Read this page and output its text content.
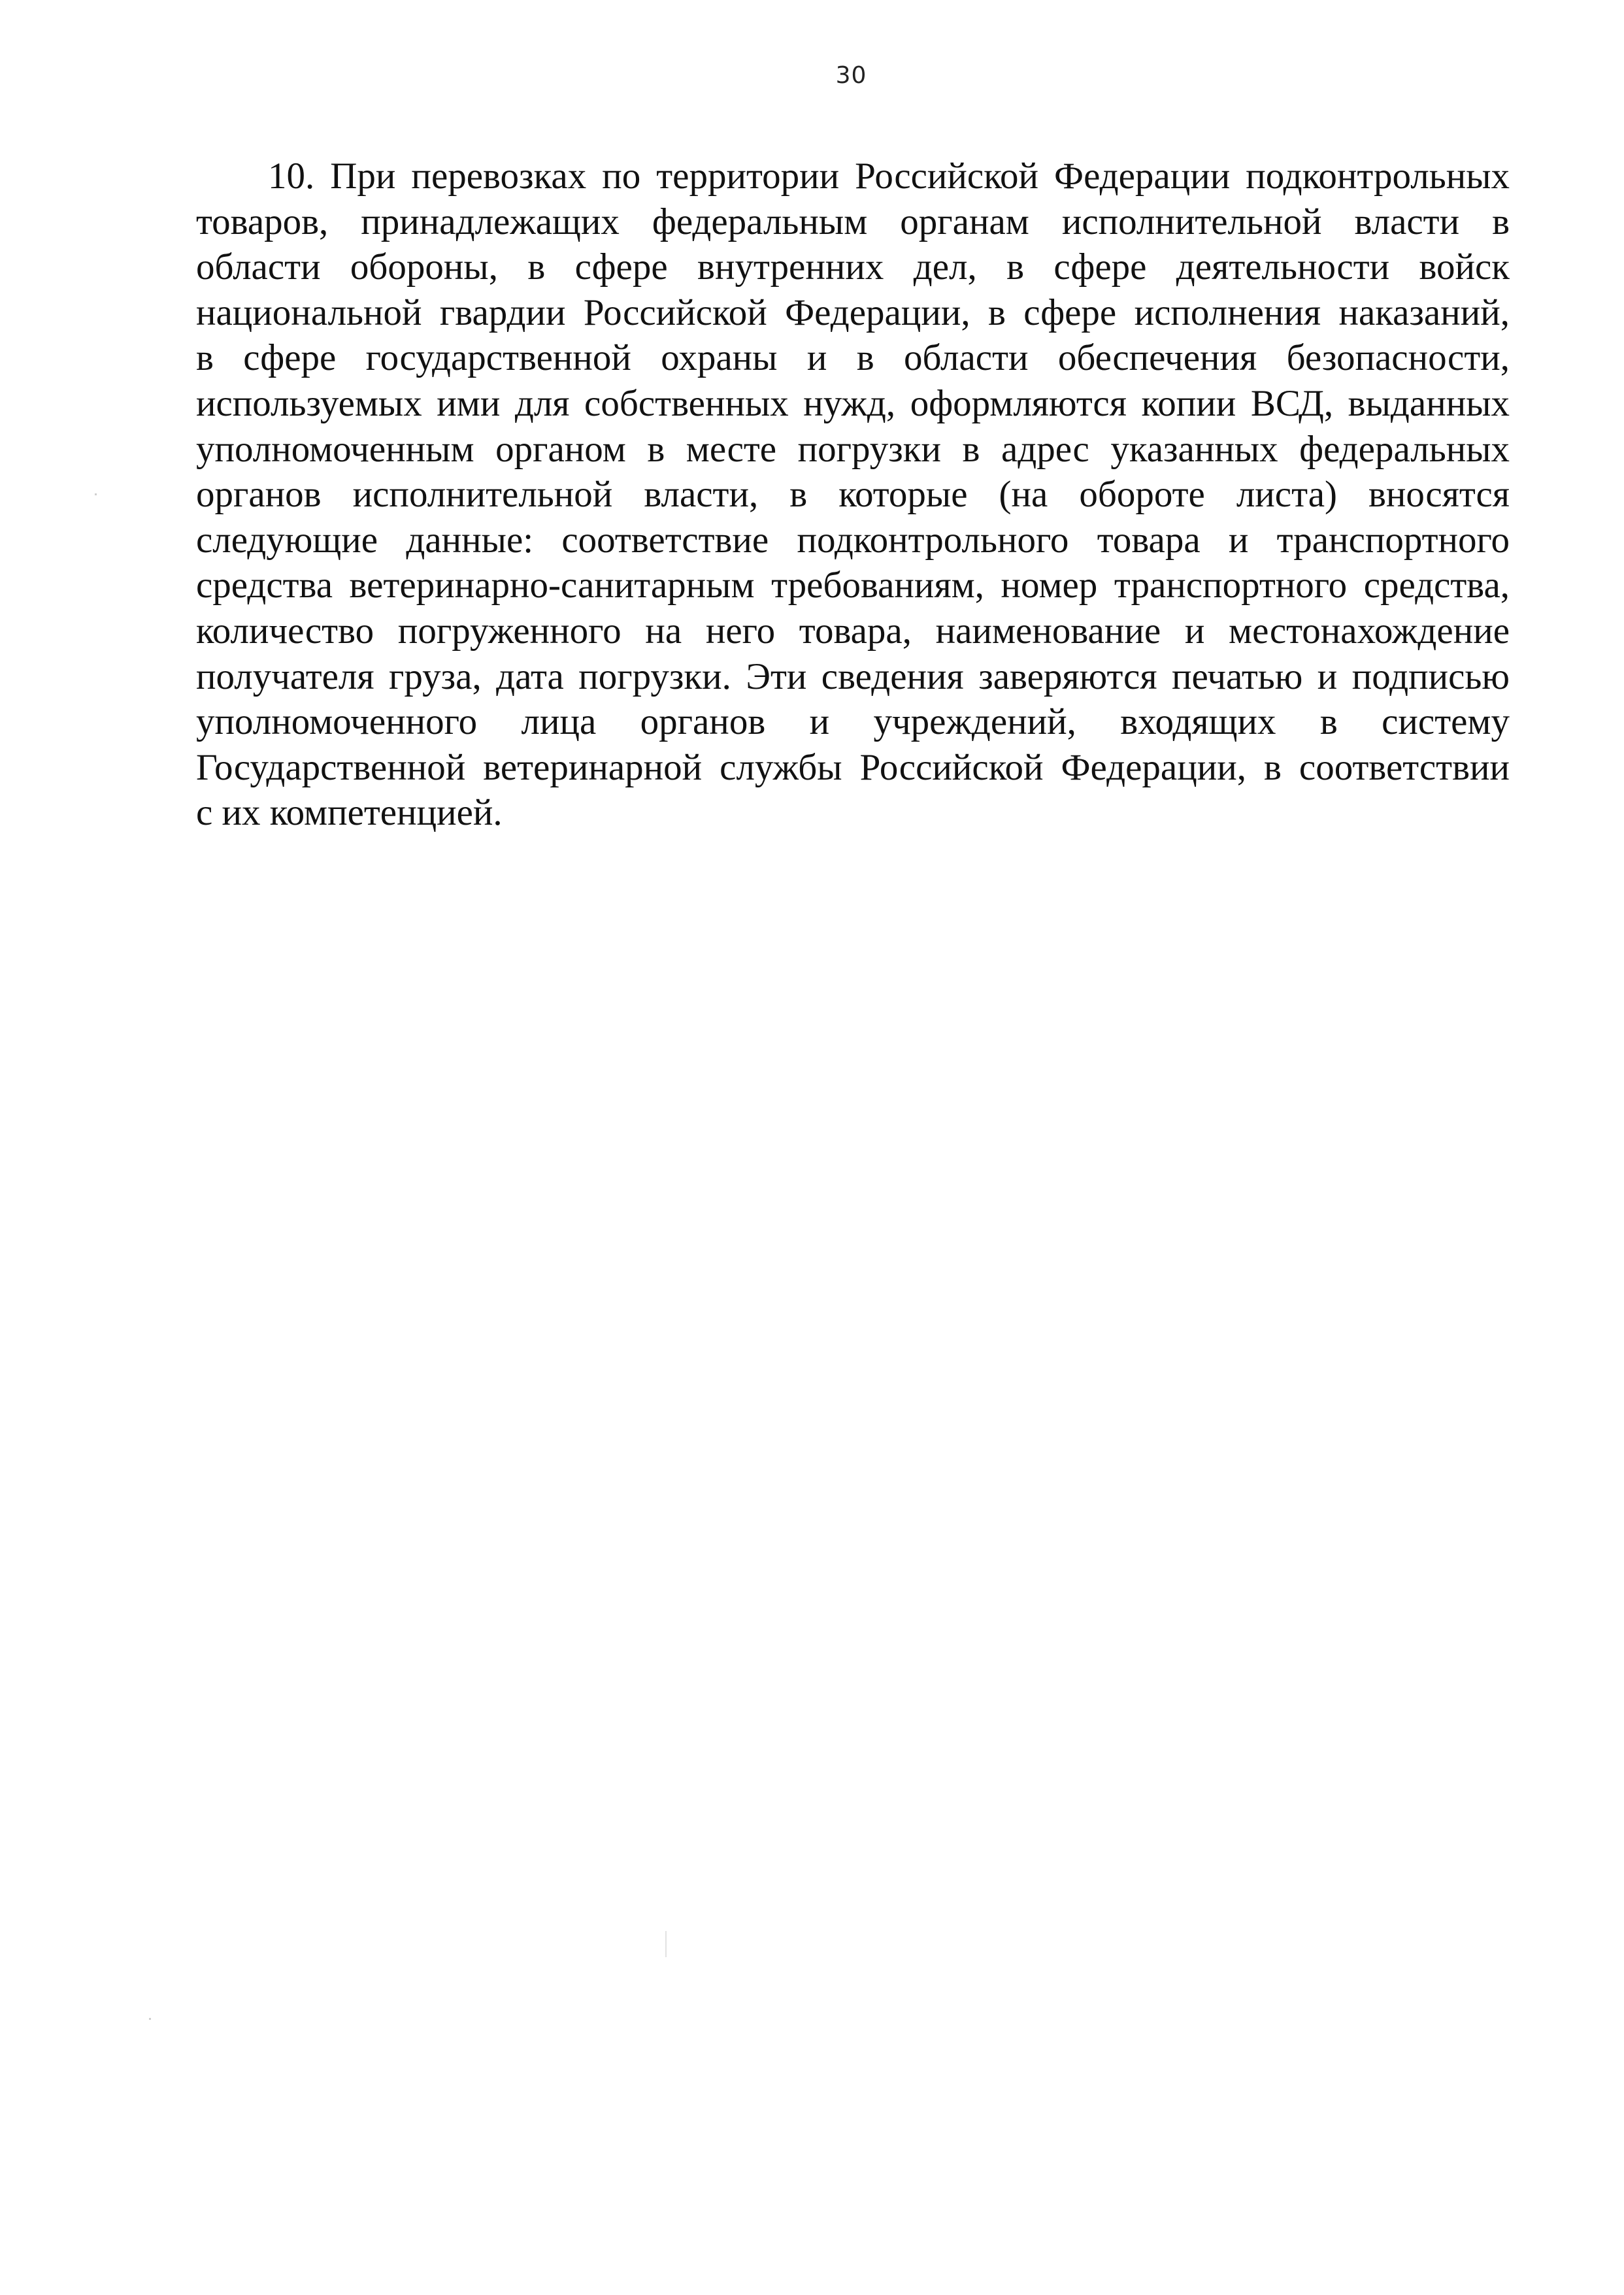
30
10. При перевозках по территории Российской Федерации подконтрольных
товаров, принадлежащих федеральным органам исполнительной власти в
области обороны, в сфере внутренних дел, в сфере деятельности войск
национальной гвардии Российской Федерации, в сфере исполнения наказаний,
в сфере государственной охраны и в области обеспечения безопасности,
используемых ими для собственных нужд, оформляются копии ВСД, выданных
уполномоченным органом в месте погрузки в адрес указанных федеральных
органов исполнительной власти, в которые (на обороте листа) вносятся
следующие данные: соответствие подконтрольного товара и транспортного
средства ветеринарно-санитарным требованиям, номер транспортного средства,
количество погруженного на него товара, наименование и местонахождение
получателя груза, дата погрузки. Эти сведения заверяются печатью и подписью
уполномоченного лица органов и учреждений, входящих в систему
Государственной ветеринарной службы Российской Федерации, в соответствии
с их компетенцией.
